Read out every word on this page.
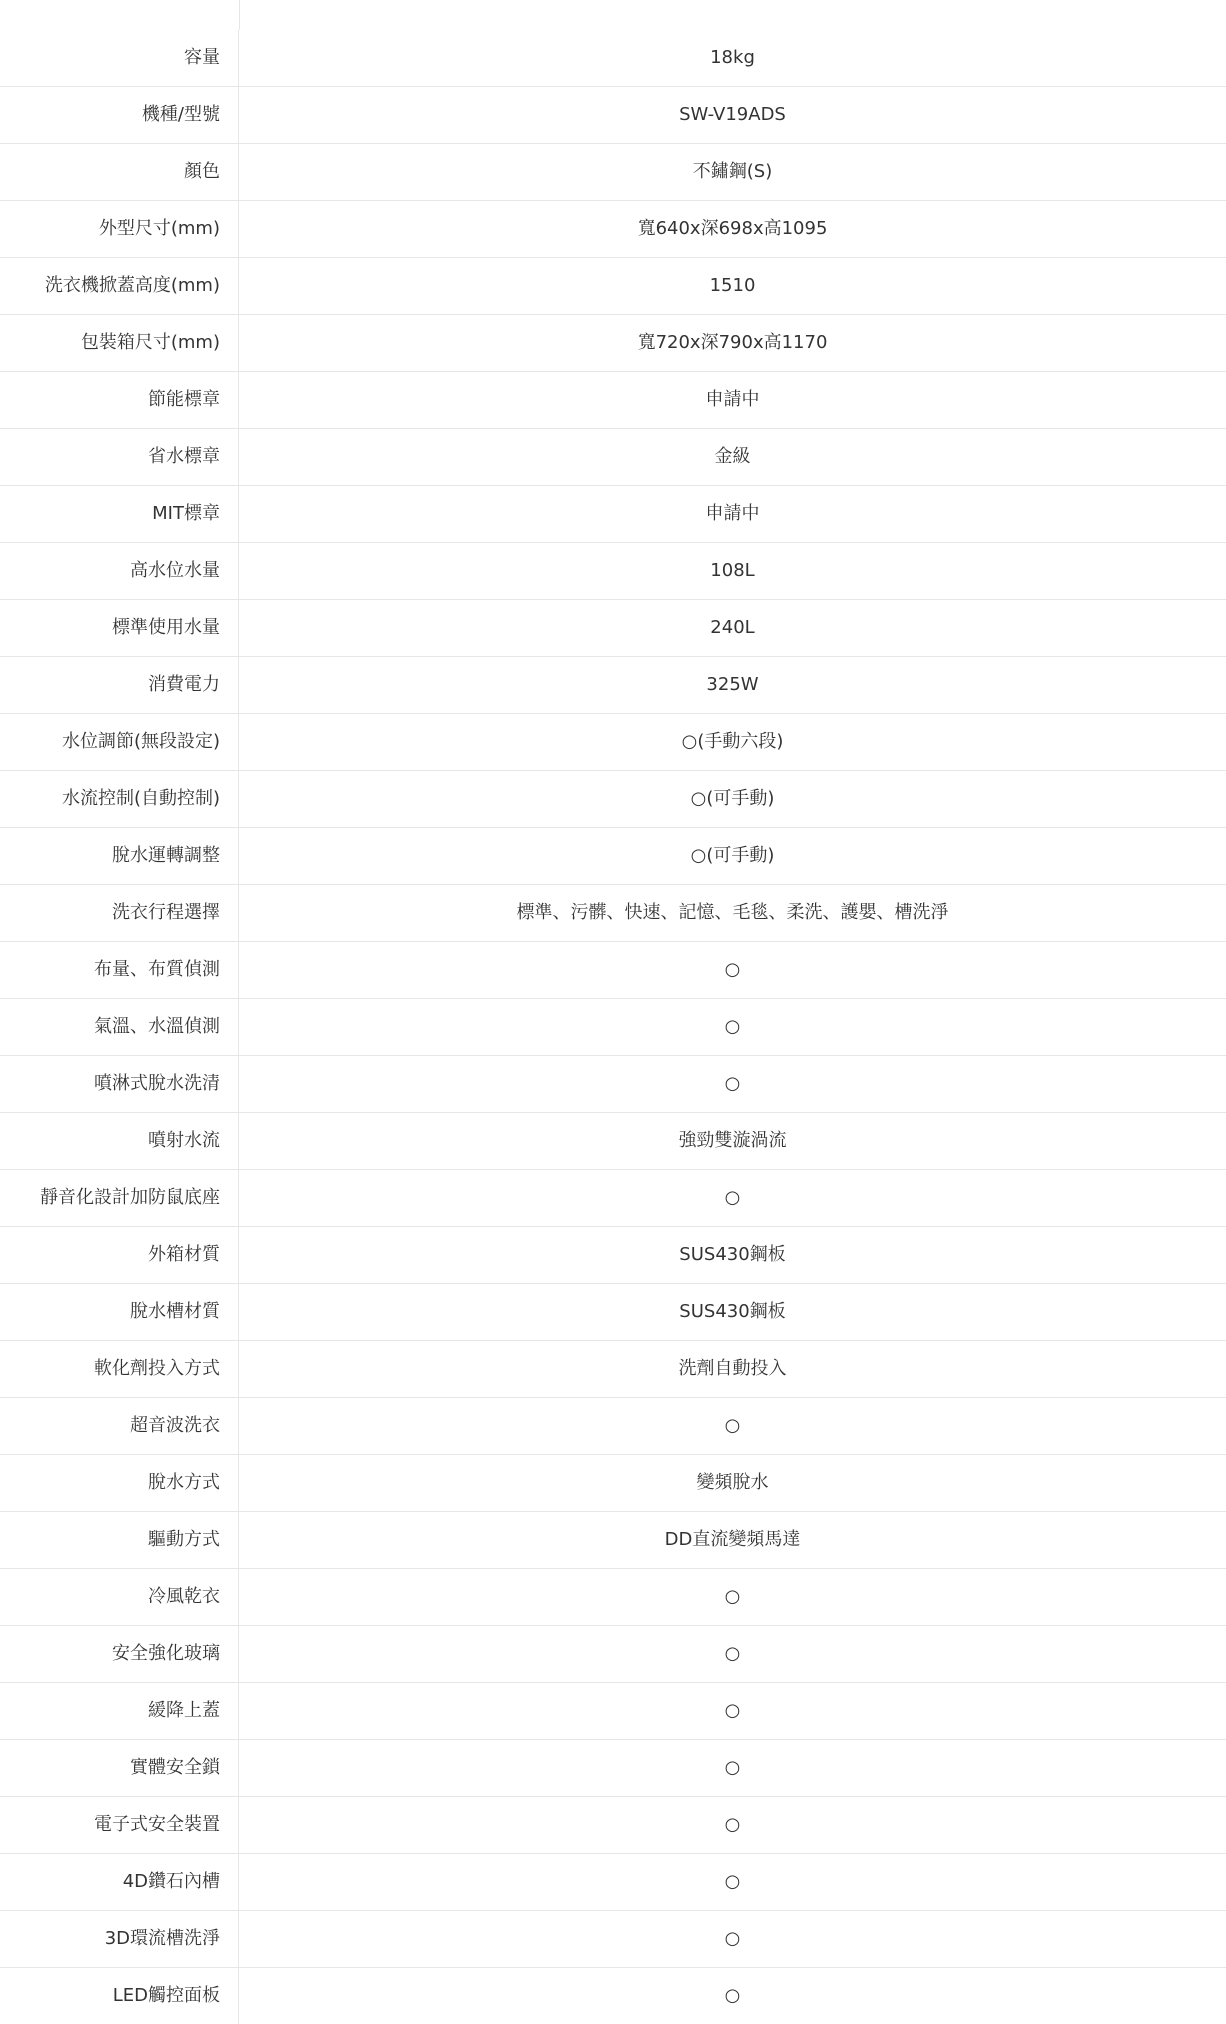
容量	18kg
機種/型號	SW-V19ADS
顏色	不鏽鋼(S)
外型尺寸(mm)	寬640x深698x高1095
洗衣機掀蓋高度(mm)	1510
包裝箱尺寸(mm)	寬720x深790x高1170
節能標章	申請中
省水標章	金級
MIT標章	申請中
高水位水量	108L
標準使用水量	240L
消費電力	325W
水位調節(無段設定)	○(手動六段)
水流控制(自動控制)	○(可手動)
脫水運轉調整	○(可手動)
洗衣行程選擇	標準、污髒、快速、記憶、毛毯、柔洗、護嬰、槽洗淨
布量、布質偵測	○
氣溫、水溫偵測	○
噴淋式脫水洗清	○
噴射水流	強勁雙漩渦流
靜音化設計加防鼠底座	○
外箱材質	SUS430鋼板
脫水槽材質	SUS430鋼板
軟化劑投入方式	洗劑自動投入
超音波洗衣	○
脫水方式	變頻脫水
驅動方式	DD直流變頻馬達
冷風乾衣	○
安全強化玻璃	○
緩降上蓋	○
實體安全鎖	○
電子式安全裝置	○
4D鑽石內槽	○
3D環流槽洗淨	○
LED觸控面板	○
